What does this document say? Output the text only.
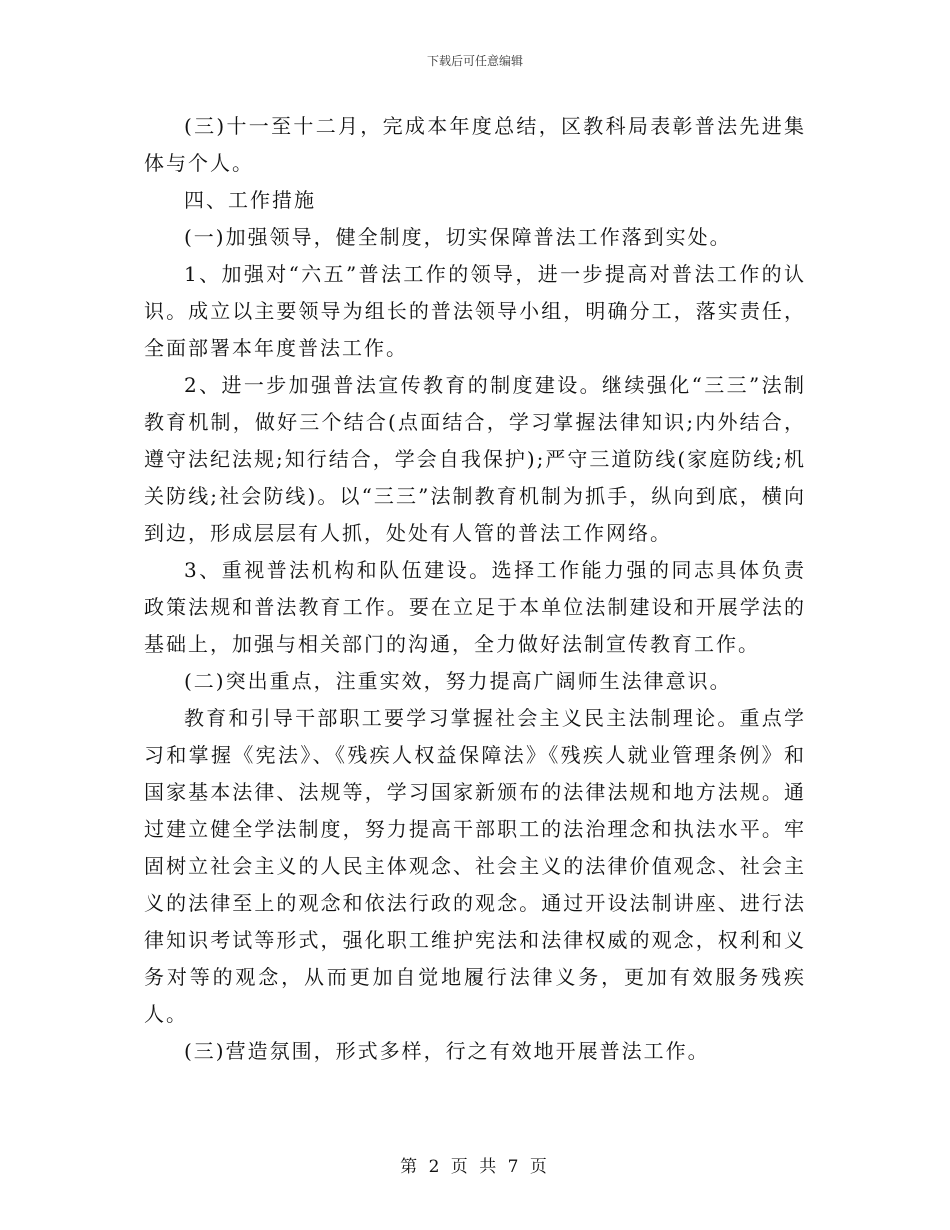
下载后可任意编辑

(三)十一至十二月，完成本年度总结，区教科局表彰普法先进集体与个人。

四、工作措施

(一)加强领导，健全制度，切实保障普法工作落到实处。

1、加强对“六五”普法工作的领导，进一步提高对普法工作的认识。成立以主要领导为组长的普法领导小组，明确分工，落实责任，全面部署本年度普法工作。

2、进一步加强普法宣传教育的制度建设。继续强化“三三”法制教育机制，做好三个结合(点面结合，学习掌握法律知识;内外结合，遵守法纪法规;知行结合，学会自我保护);严守三道防线(家庭防线;机关防线;社会防线)。以“三三”法制教育机制为抓手，纵向到底，横向到边，形成层层有人抓，处处有人管的普法工作网络。

3、重视普法机构和队伍建设。选择工作能力强的同志具体负责政策法规和普法教育工作。要在立足于本单位法制建设和开展学法的基础上，加强与相关部门的沟通，全力做好法制宣传教育工作。

(二)突出重点，注重实效，努力提高广阔师生法律意识。

教育和引导干部职工要学习掌握社会主义民主法制理论。重点学习和掌握《宪法》、《残疾人权益保障法》《残疾人就业管理条例》和国家基本法律、法规等，学习国家新颁布的法律法规和地方法规。通过建立健全学法制度，努力提高干部职工的法治理念和执法水平。牢固树立社会主义的人民主体观念、社会主义的法律价值观念、社会主义的法律至上的观念和依法行政的观念。通过开设法制讲座、进行法律知识考试等形式，强化职工维护宪法和法律权威的观念，权利和义务对等的观念，从而更加自觉地履行法律义务，更加有效服务残疾人。

(三)营造氛围，形式多样，行之有效地开展普法工作。

第 2 页 共 7 页
